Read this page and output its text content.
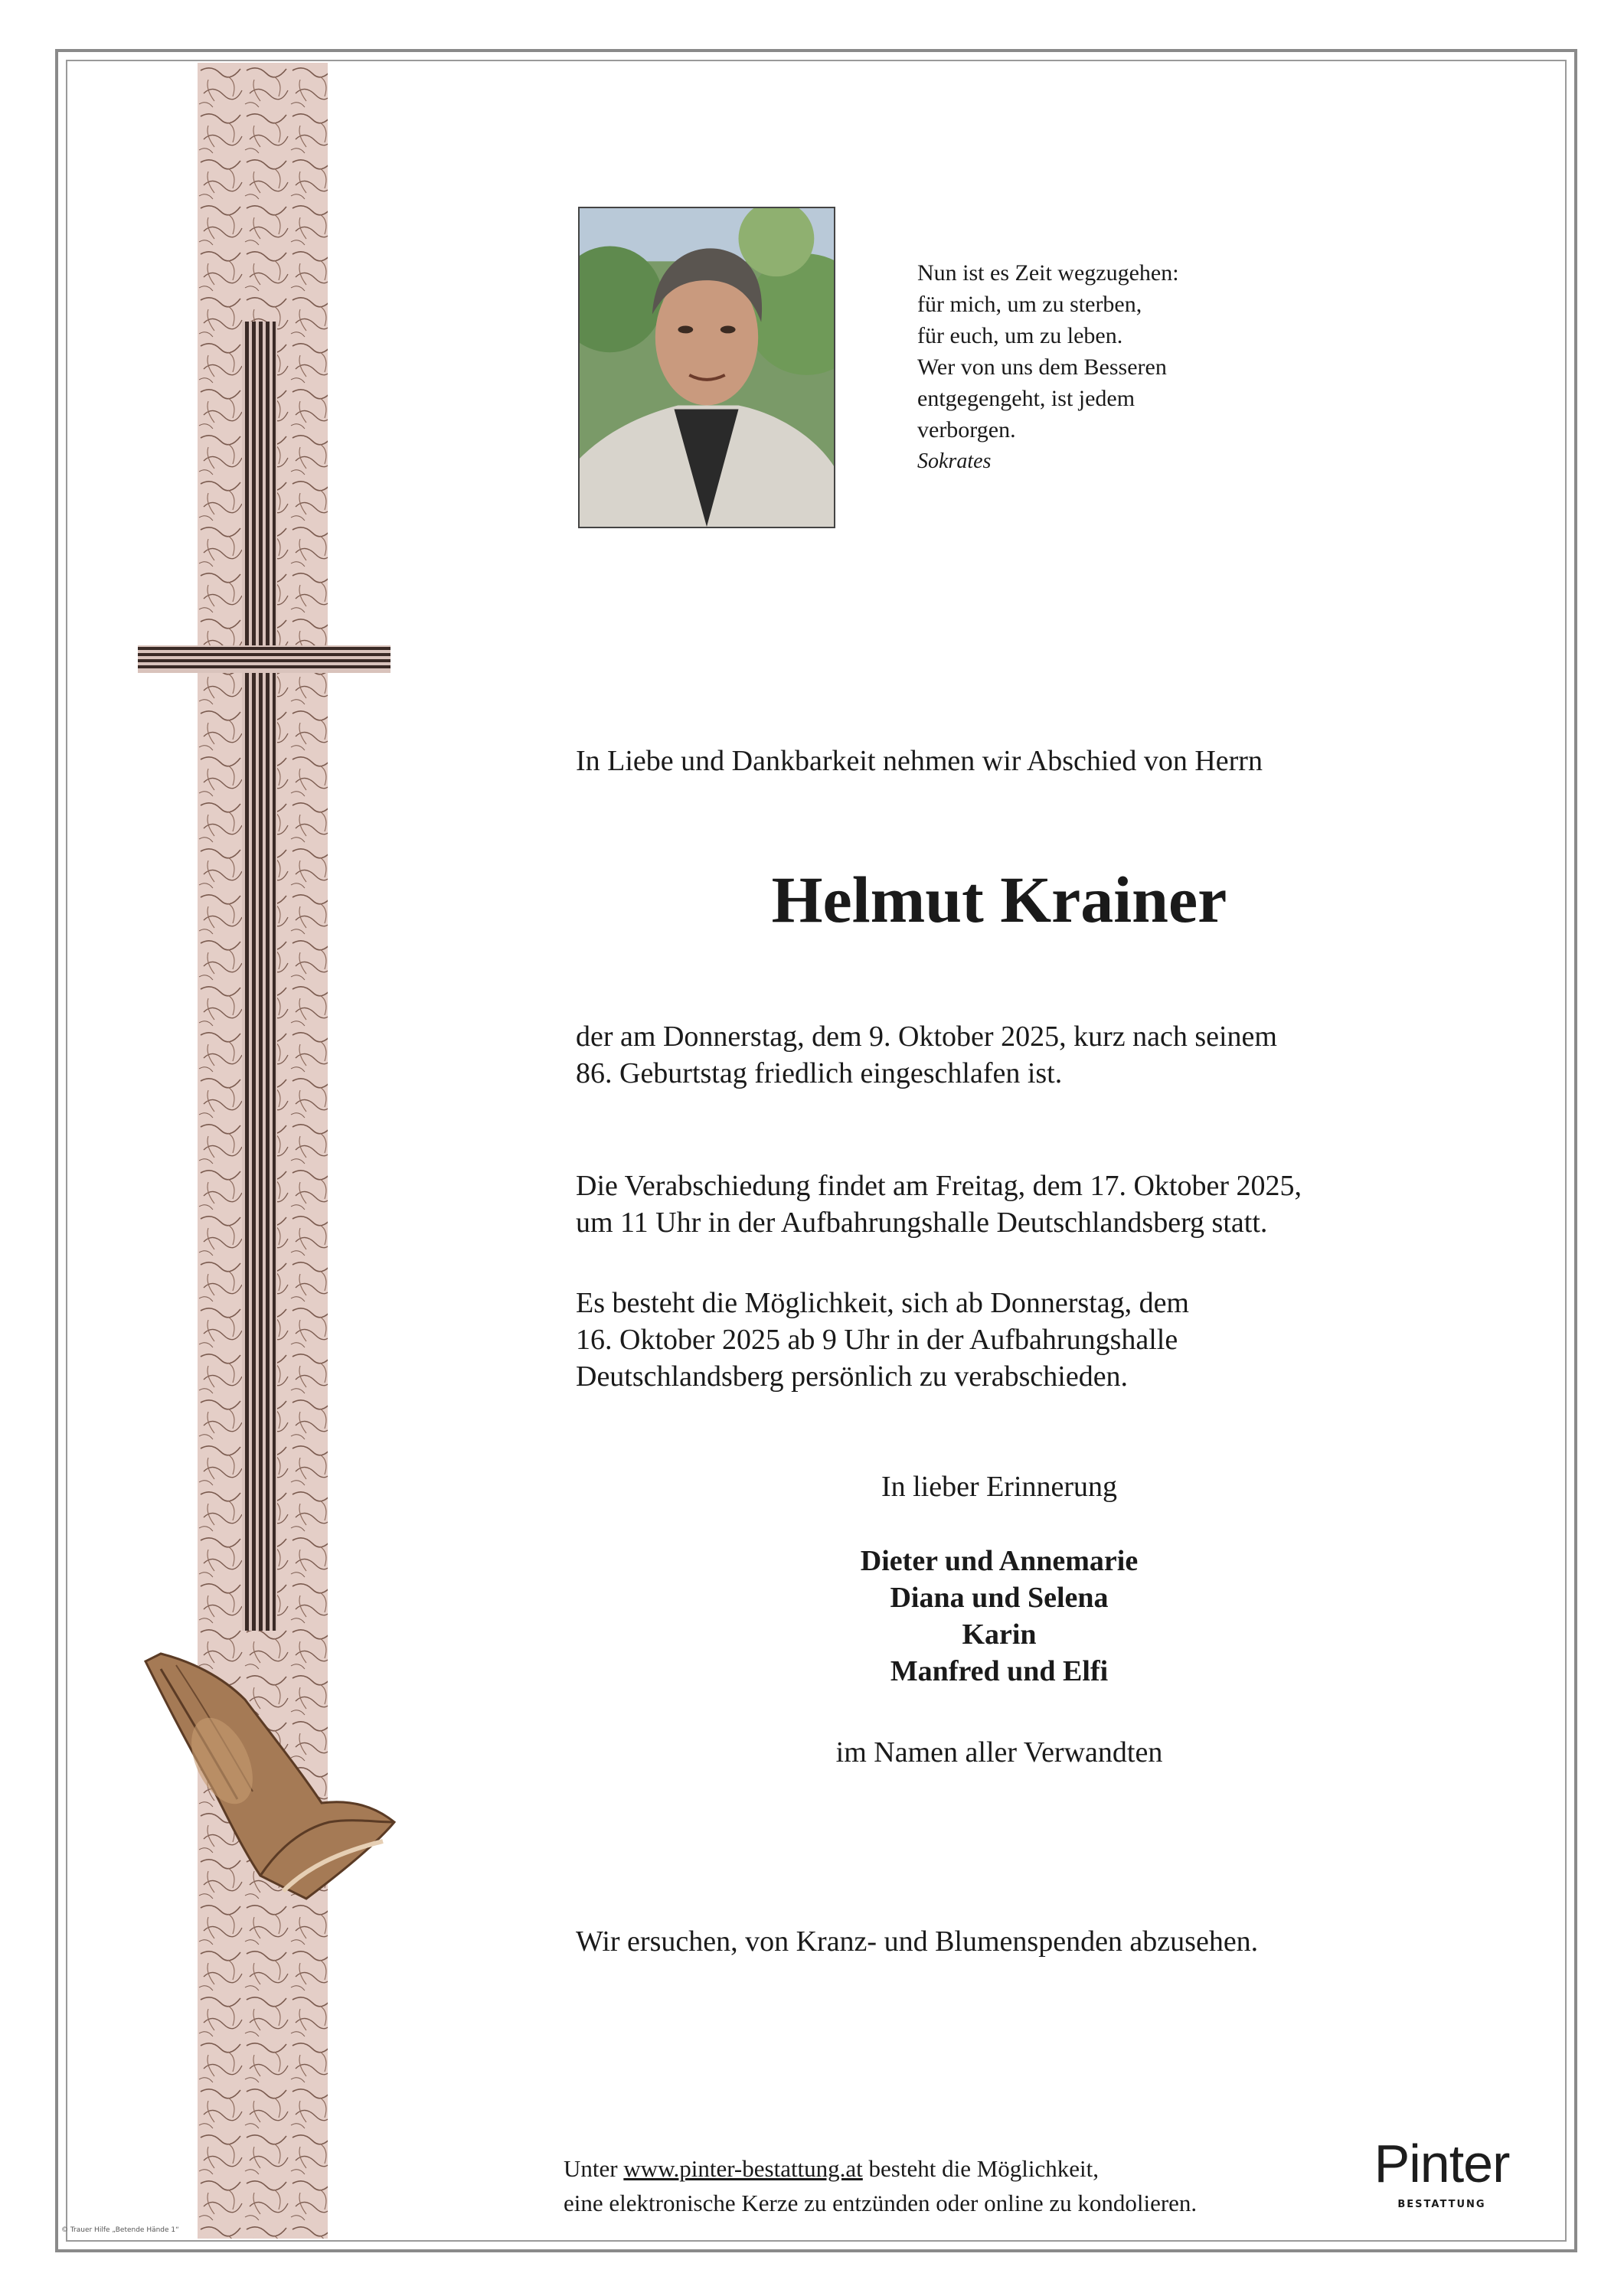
Nun ist es Zeit wegzugehen:
für mich, um zu sterben,
für euch, um zu leben.
Wer von uns dem Besseren
entgegengeht, ist jedem
verborgen.
Sokrates
In Liebe und Dankbarkeit nehmen wir Abschied von Herrn
Helmut Krainer
der am Donnerstag, dem 9. Oktober 2025, kurz nach seinem
86. Geburtstag friedlich eingeschlafen ist.
Die Verabschiedung findet am Freitag, dem 17. Oktober 2025,
um 11 Uhr in der Aufbahrungshalle Deutschlandsberg statt.
Es besteht die Möglichkeit, sich ab Donnerstag, dem
16. Oktober 2025 ab 9 Uhr in der Aufbahrungshalle
Deutschlandsberg persönlich zu verabschieden.
In lieber Erinnerung
Dieter und Annemarie
Diana und Selena
Karin
Manfred und Elfi
im Namen aller Verwandten
Wir ersuchen, von Kranz- und Blumenspenden abzusehen.
Unter www.pinter-bestattung.at besteht die Möglichkeit,
eine elektronische Kerze zu entzünden oder online zu kondolieren.
Pinter
BESTATTUNG
© Trauer Hilfe „Betende Hände 1“
